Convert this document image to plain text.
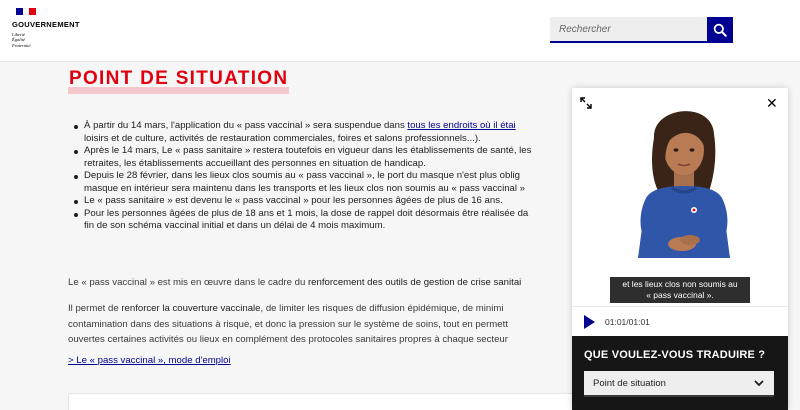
GOUVERNEMENT
Liberté
Égalité
Fraternité
Rechercher
POINT DE SITUATION
À partir du 14 mars, l'application du « pass vaccinal » sera suspendue dans tous les endroits où il étai
loisirs et de culture, activités de restauration commerciales, foires et salons professionnels...).
Après le 14 mars, Le « pass sanitaire » restera toutefois en vigueur dans les établissements de santé, les
retraites, les établissements accueillant des personnes en situation de handicap.
Depuis le 28 février, dans les lieux clos soumis au « pass vaccinal », le port du masque n'est plus oblig
masque en intérieur sera maintenu dans les transports et les lieux clos non soumis au « pass vaccinal »
Le « pass sanitaire » est devenu le « pass vaccinal » pour les personnes âgées de plus de 16 ans.
Pour les personnes âgées de plus de 18 ans et 1 mois, la dose de rappel doit désormais être réalisée da
fin de son schéma vaccinal initial et dans un délai de 4 mois maximum.

Le « pass vaccinal » est mis en œuvre dans le cadre du renforcement des outils de gestion de crise sanitai

Il permet de renforcer la couverture vaccinale, de limiter les risques de diffusion épidémique, de minimi
contamination dans des situations à risque, et donc la pression sur le système de soins, tout en permett
ouvertes certaines activités ou lieux en complément des protocoles sanitaires propres à chaque secteur

> Le « pass vaccinal », mode d'emploi
✕
et les lieux clos non soumis au
« pass vaccinal ».
01:01/01:01
QUE VOULEZ-VOUS TRADUIRE ?
Point de situation
